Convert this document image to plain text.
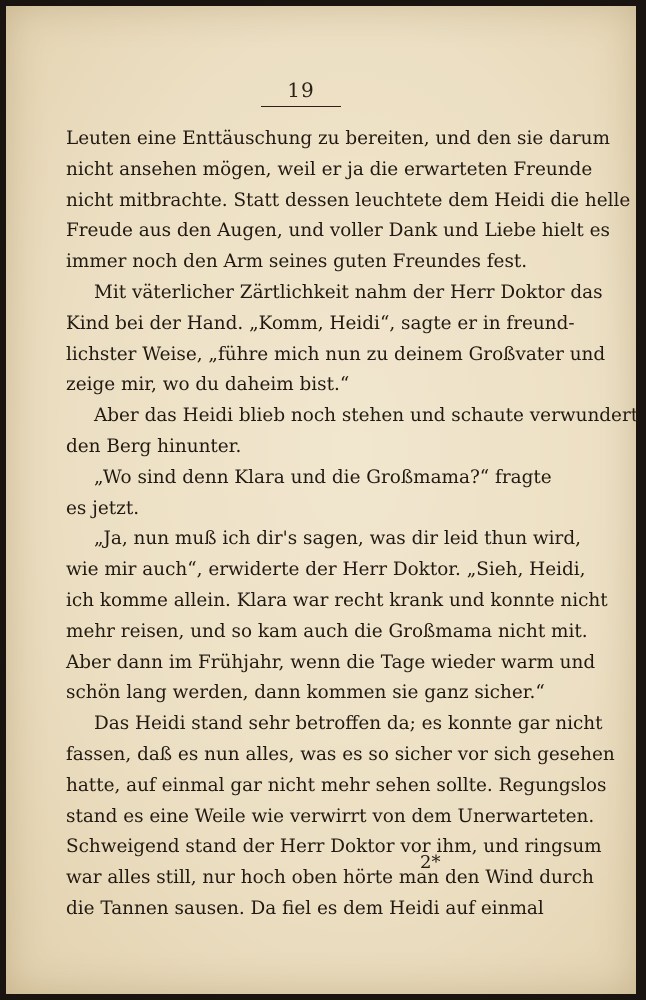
19
Leuten eine Enttäuschung zu bereiten, und den sie darum
nicht ansehen mögen, weil er ja die erwarteten Freunde
nicht mitbrachte. Statt dessen leuchtete dem Heidi die helle
Freude aus den Augen, und voller Dank und Liebe hielt es
immer noch den Arm seines guten Freundes fest.
Mit väterlicher Zärtlichkeit nahm der Herr Doktor das
Kind bei der Hand. „Komm, Heidi“, sagte er in freund-
lichster Weise, „führe mich nun zu deinem Großvater und
zeige mir, wo du daheim bist.“
Aber das Heidi blieb noch stehen und schaute verwundert
den Berg hinunter.
„Wo sind denn Klara und die Großmama?“ fragte
es jetzt.
„Ja, nun muß ich dir's sagen, was dir leid thun wird,
wie mir auch“, erwiderte der Herr Doktor. „Sieh, Heidi,
ich komme allein. Klara war recht krank und konnte nicht
mehr reisen, und so kam auch die Großmama nicht mit.
Aber dann im Frühjahr, wenn die Tage wieder warm und
schön lang werden, dann kommen sie ganz sicher.“
Das Heidi stand sehr betroffen da; es konnte gar nicht
fassen, daß es nun alles, was es so sicher vor sich gesehen
hatte, auf einmal gar nicht mehr sehen sollte. Regungslos
stand es eine Weile wie verwirrt von dem Unerwarteten.
Schweigend stand der Herr Doktor vor ihm, und ringsum
war alles still, nur hoch oben hörte man den Wind durch
die Tannen sausen. Da fiel es dem Heidi auf einmal
2*
